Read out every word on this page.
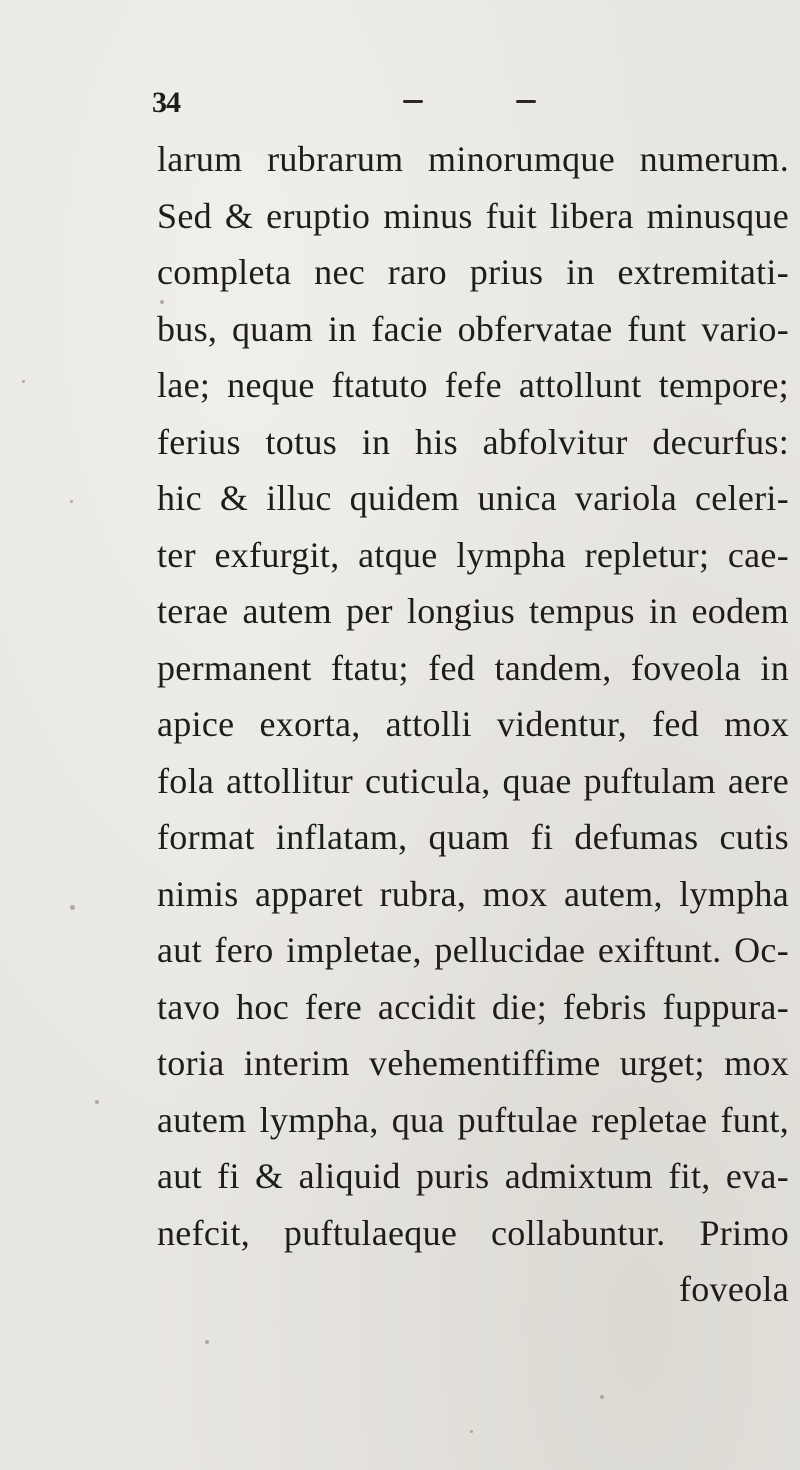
34
larum rubrarum minorumque numerum.
Sed & eruptio minus fuit libera minusque
completa nec raro prius in extremitati-
bus, quam in facie obfervatae funt vario-
lae; neque ftatuto fefe attollunt tempore;
ferius totus in his abfolvitur decurfus:
hic & illuc quidem unica variola celeri-
ter exfurgit, atque lympha repletur; cae-
terae autem per longius tempus in eodem
permanent ftatu; fed tandem, foveola in
apice exorta, attolli videntur, fed mox
fola attollitur cuticula, quae puftulam aere
format inflatam, quam fi defumas cutis
nimis apparet rubra, mox autem, lympha
aut fero impletae, pellucidae exiftunt. Oc-
tavo hoc fere accidit die; febris fuppura-
toria interim vehementiffime urget; mox
autem lympha, qua puftulae repletae funt,
aut fi & aliquid puris admixtum fit, eva-
nefcit, puftulaeque collabuntur. Primo
foveola
